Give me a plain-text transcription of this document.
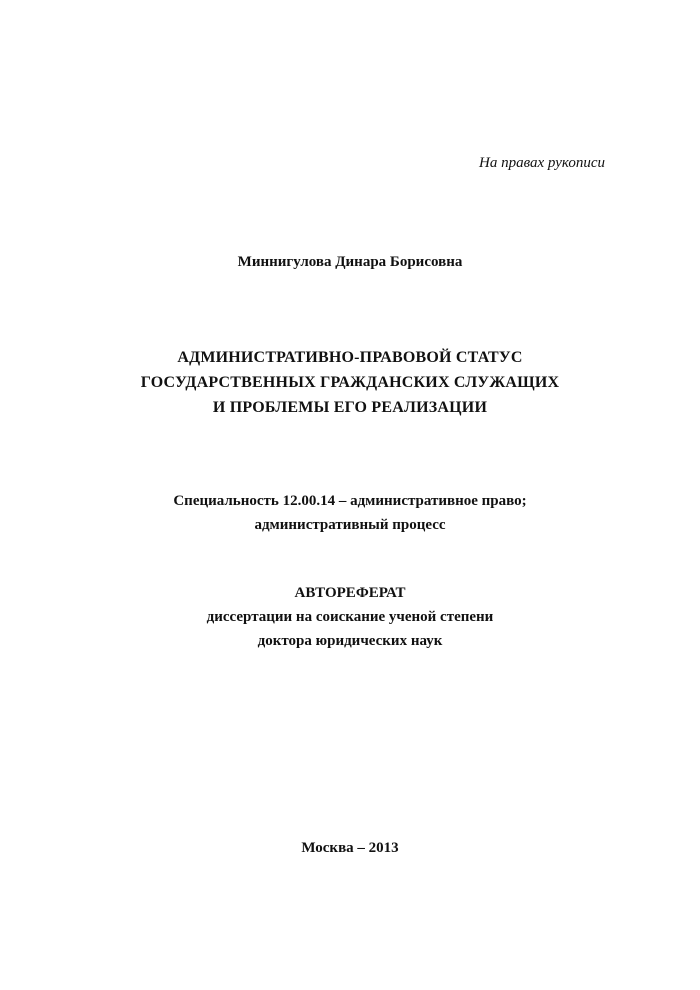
На правах рукописи
Миннигулова Динара Борисовна
АДМИНИСТРАТИВНО-ПРАВОВОЙ СТАТУС
ГОСУДАРСТВЕННЫХ ГРАЖДАНСКИХ СЛУЖАЩИХ
И ПРОБЛЕМЫ ЕГО РЕАЛИЗАЦИИ
Специальность 12.00.14 – административное право;
административный процесс
АВТОРЕФЕРАТ
диссертации на соискание ученой степени
доктора юридических наук
Москва – 2013
